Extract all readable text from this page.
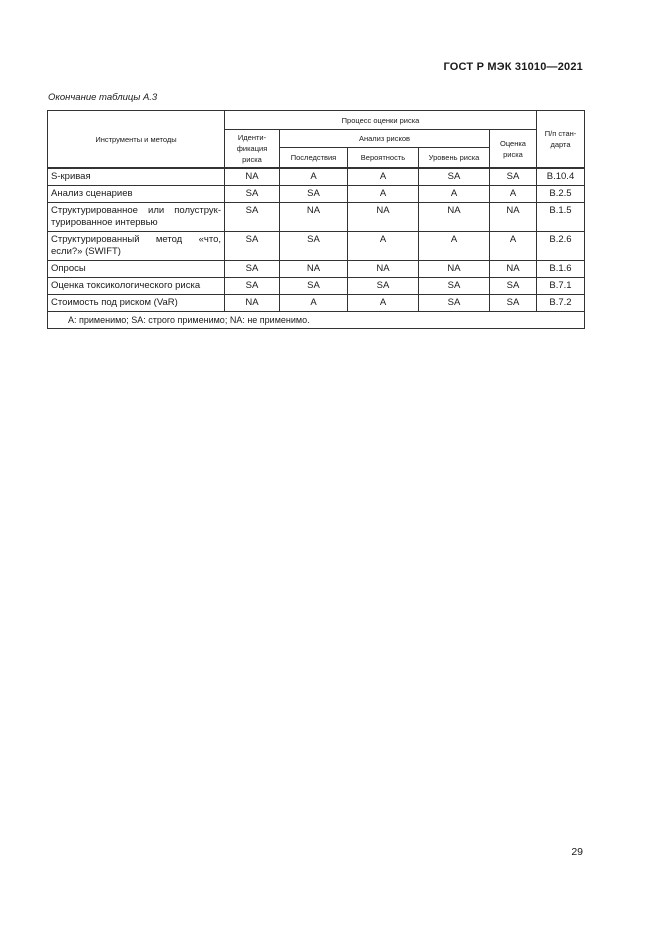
ГОСТ Р МЭК 31010—2021
Окончание таблицы А.3
Инструменты и методы	Процесс оценки риска					П/п стан- дарта
	Иденти- фикация риска	Анализ рисков			Оценка риска	
		Последствия	Вероятность	Уровень риска		
S-кривая	NA	A	A	SA	SA	B.10.4
Анализ сценариев	SA	SA	A	A	A	B.2.5
Структурированное или полуструк- турированное интервью	SA	NA	NA	NA	NA	B.1.5
Структурированный метод «что, если?» (SWIFT)	SA	SA	A	A	A	B.2.6
Опросы	SA	NA	NA	NA	NA	B.1.6
Оценка токсикологического риска	SA	SA	SA	SA	SA	B.7.1
Стоимость под риском (VaR)	NA	A	A	SA	SA	B.7.2
A: применимо; SA: строго применимо; NA: не применимо.						
29
